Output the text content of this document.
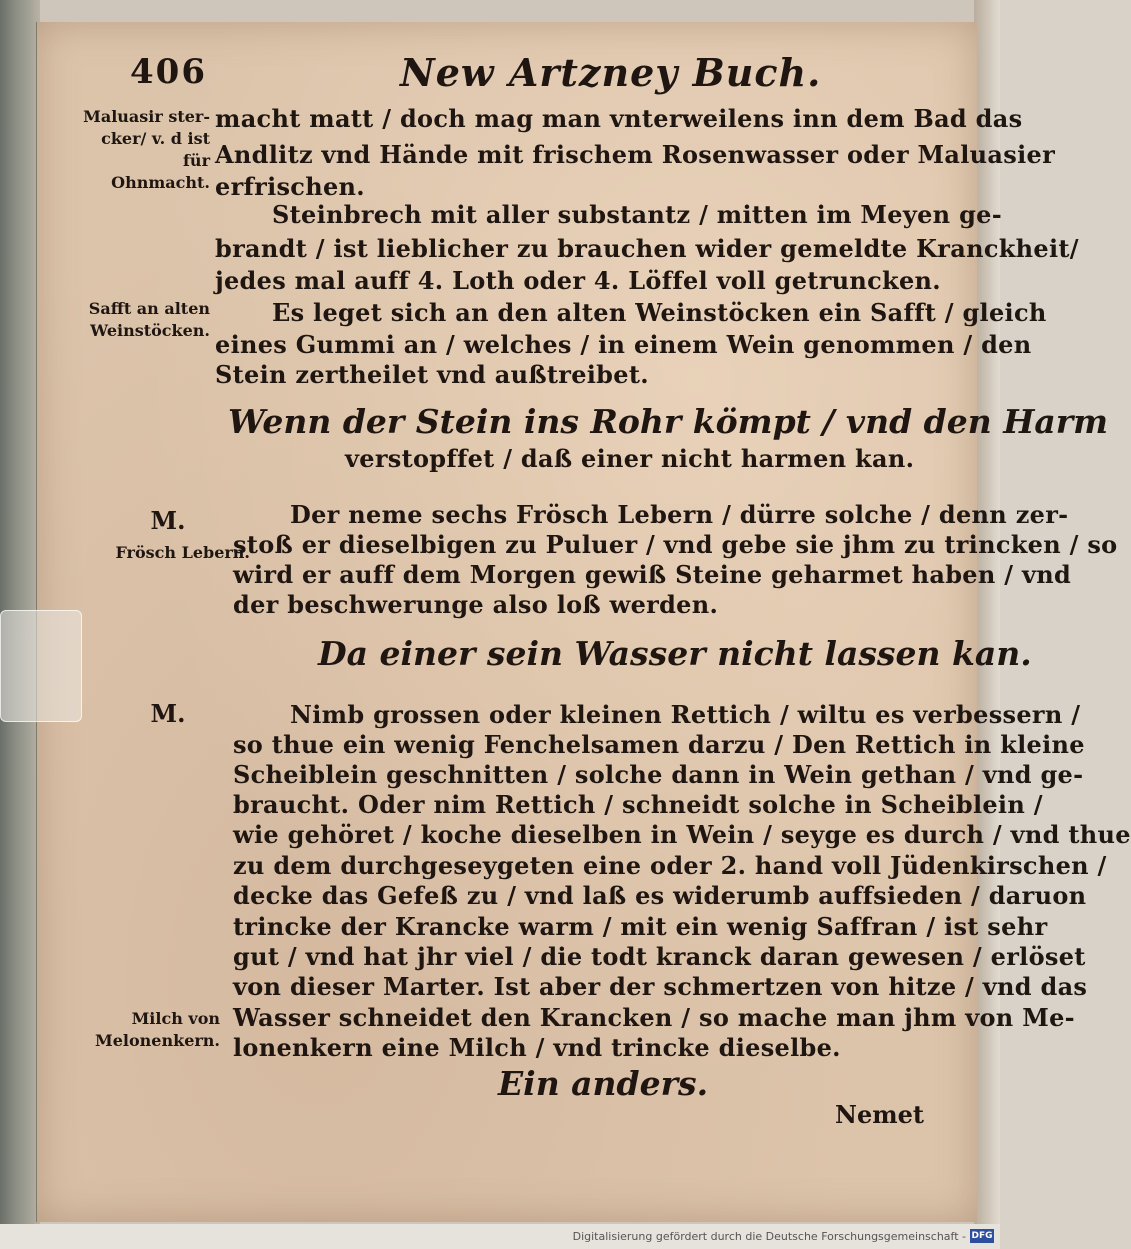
406	New Artzney Buch.
Maluasir ster-
cker/ v. d ist für
Ohnmacht.
Safft an alten
Weinstöcken.
M.
Frösch Lebern.
M.
Milch von
Melonenkern.
macht matt / doch mag man vnterweilens inn dem Bad das
Andlitz vnd Hände mit frischem Rosenwasser oder Maluasier
erfrischen.
Steinbrech mit aller substantz / mitten im Meyen ge-
brandt / ist lieblicher zu brauchen wider gemeldte Kranckheit/
jedes mal auff 4. Loth oder 4. Löffel voll getruncken.
Es leget sich an den alten Weinstöcken ein Safft / gleich
eines Gummi an / welches / in einem Wein genommen / den
Stein zertheilet vnd außtreibet.
Wenn der Stein ins Rohr kömpt / vnd den Harm
verstopffet / daß einer nicht harmen kan.
Der neme sechs Frösch Lebern / dürre solche / denn zer-
stoß er dieselbigen zu Puluer / vnd gebe sie jhm zu trincken / so
wird er auff dem Morgen gewiß Steine geharmet haben / vnd
der beschwerunge also loß werden.
Da einer sein Wasser nicht lassen kan.
Nimb grossen oder kleinen Rettich / wiltu es verbessern /
so thue ein wenig Fenchelsamen darzu / Den Rettich in kleine
Scheiblein geschnitten / solche dann in Wein gethan / vnd ge-
braucht. Oder nim Rettich / schneidt solche in Scheiblein /
wie gehöret / koche dieselben in Wein / seyge es durch / vnd thue
zu dem durchgeseygeten eine oder 2. hand voll Jüdenkirschen /
decke das Gefeß zu / vnd laß es widerumb auffsieden / daruon
trincke der Krancke warm / mit ein wenig Saffran / ist sehr
gut / vnd hat jhr viel / die todt kranck daran gewesen / erlöset
von dieser Marter. Ist aber der schmertzen von hitze / vnd das
Wasser schneidet den Krancken / so mache man jhm von Me-
lonenkern eine Milch / vnd trincke dieselbe.
Ein anders.
Nemet
Digitalisierung gefördert durch die Deutsche Forschungsgemeinschaft - DFG
